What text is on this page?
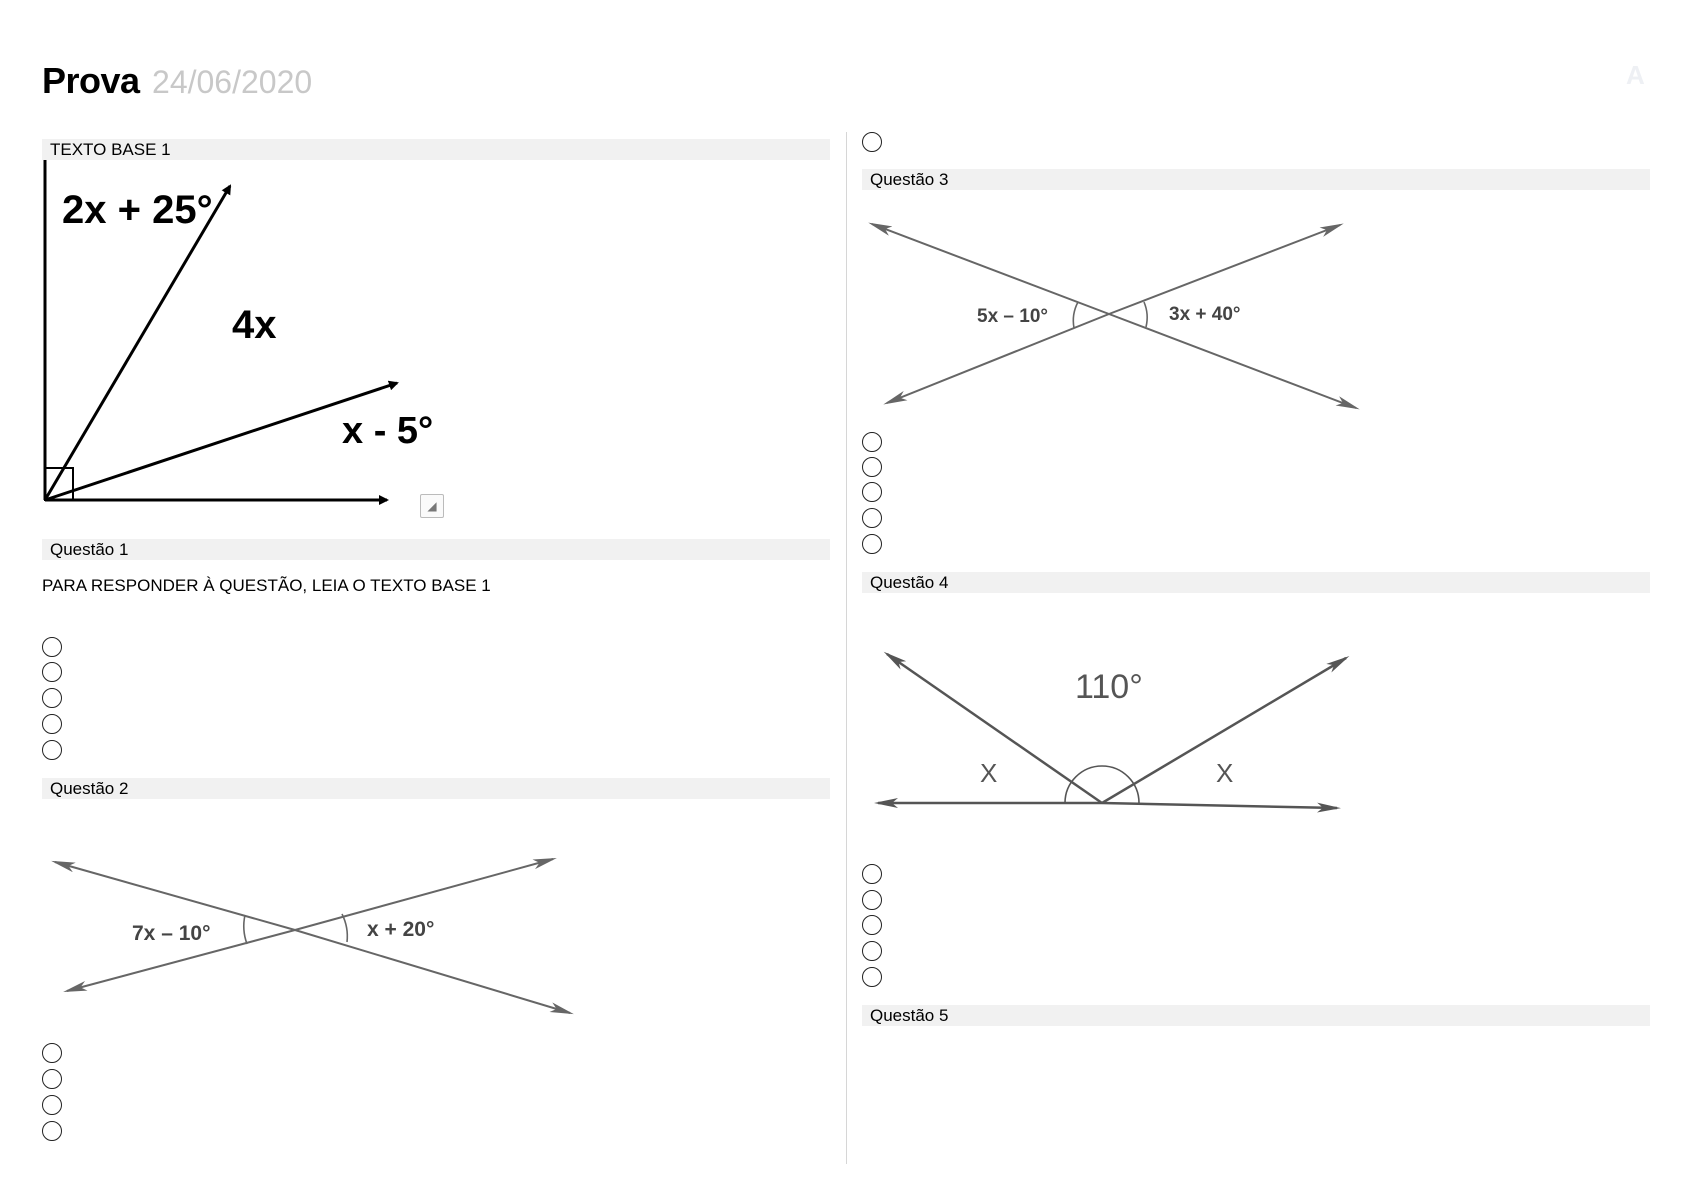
Prova 24/06/2020	A
TEXTO BASE 1
2x + 25°
4x
x - 5°
◢
Questão 1
PARA RESPONDER À QUESTÃO, LEIA O TEXTO BASE 1
Questão 2
7x – 10°	x + 20°
Questão 3
5x – 10°	3x + 40°
Questão 4
110°
X	X
Questão 5
